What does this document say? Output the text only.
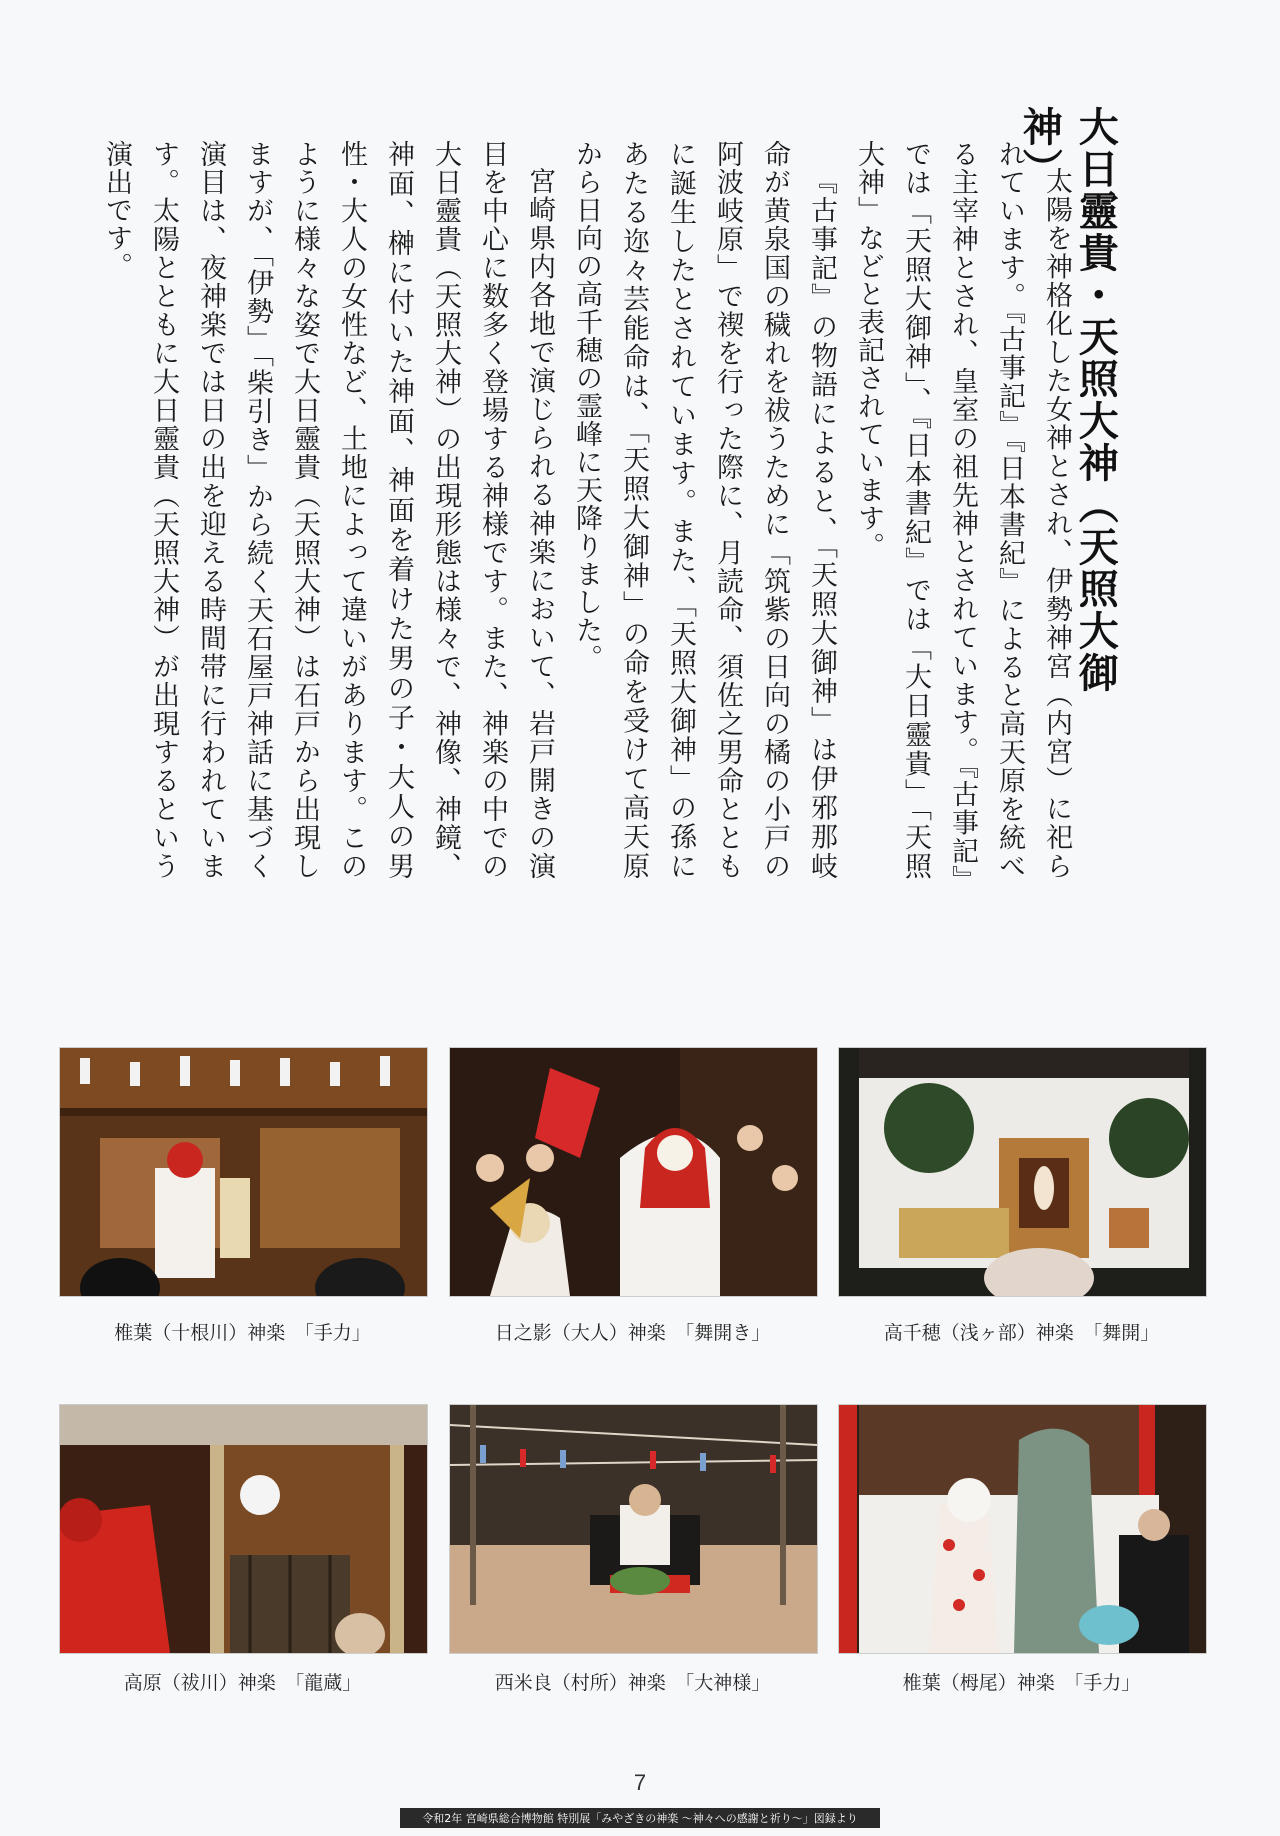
大日靈貴・天照大神（天照大御神）

太陽を神格化した女神とされ、伊勢神宮（内宮）に祀られています。『古事記』『日本書紀』によると高天原を統べる主宰神とされ、皇室の祖先神とされています。『古事記』では「天照大御神」、『日本書紀』では「大日靈貴」「天照大神」などと表記されています。

『古事記』の物語によると、「天照大御神」は伊邪那岐命が黄泉国の穢れを祓うために「筑紫の日向の橘の小戸の阿波岐原」で禊を行った際に、月読命、須佐之男命とともに誕生したとされています。また、「天照大御神」の孫にあたる迩々芸能命は、「天照大御神」の命を受けて高天原から日向の高千穂の霊峰に天降りました。

宮崎県内各地で演じられる神楽において、岩戸開きの演目を中心に数多く登場する神様です。また、神楽の中での大日靈貴（天照大神）の出現形態は様々で、神像、神鏡、神面、榊に付いた神面、神面を着けた男の子・大人の男性・大人の女性など、土地によって違いがあります。このように様々な姿で大日靈貴（天照大神）は石戸から出現しますが、「伊勢」「柴引き」から続く天石屋戸神話に基づく演目は、夜神楽では日の出を迎える時間帯に行われています。太陽とともに大日靈貴（天照大神）が出現するという演出です。

椎葉（十根川）神楽　「手力」	日之影（大人）神楽　「舞開き」	高千穂（浅ヶ部）神楽　「舞開」
高原（祓川）神楽　「龍蔵」	西米良（村所）神楽　「大神様」	椎葉（栂尾）神楽　「手力」
7
令和2年 宮崎県総合博物館 特別展「みやざきの神楽 ～神々への感謝と祈り～」図録より
